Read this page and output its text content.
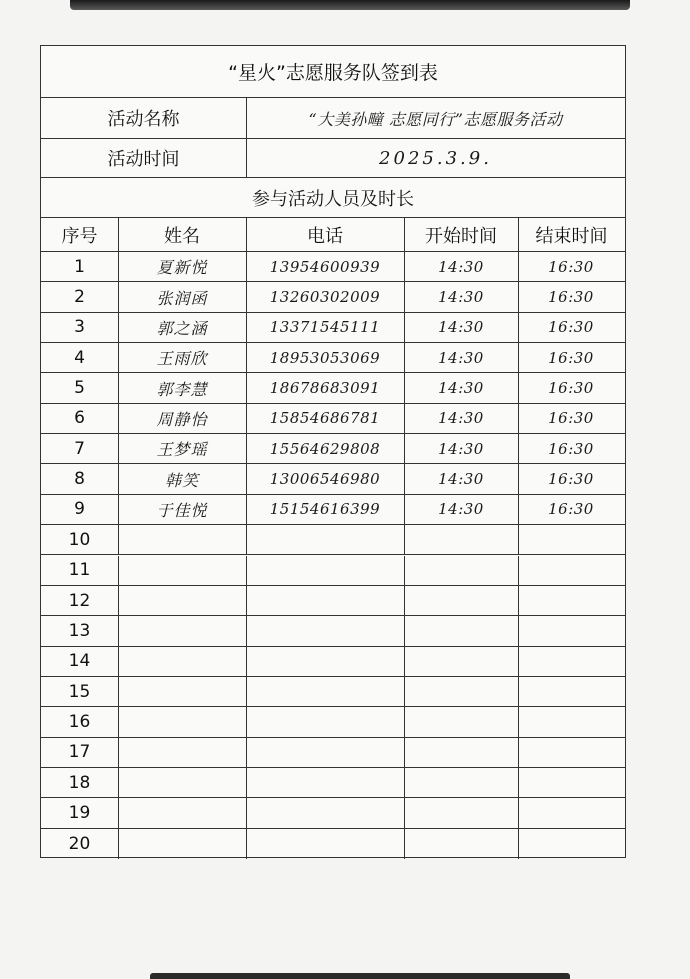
“星火”志愿服务队签到表
活动名称	“大美孙疃 志愿同行”志愿服务活动
活动时间	2025.3.9.
参与活动人员及时长
序号	姓名	电话	开始时间	结束时间
1	夏新悦	13954600939	14:30	16:30
2	张润函	13260302009	14:30	16:30
3	郭之涵	13371545111	14:30	16:30
4	王雨欣	18953053069	14:30	16:30
5	郭李慧	18678683091	14:30	16:30
6	周静怡	15854686781	14:30	16:30
7	王梦瑶	15564629808	14:30	16:30
8	韩笑	13006546980	14:30	16:30
9	于佳悦	15154616399	14:30	16:30
10
11
12
13
14
15
16
17
18
19
20
